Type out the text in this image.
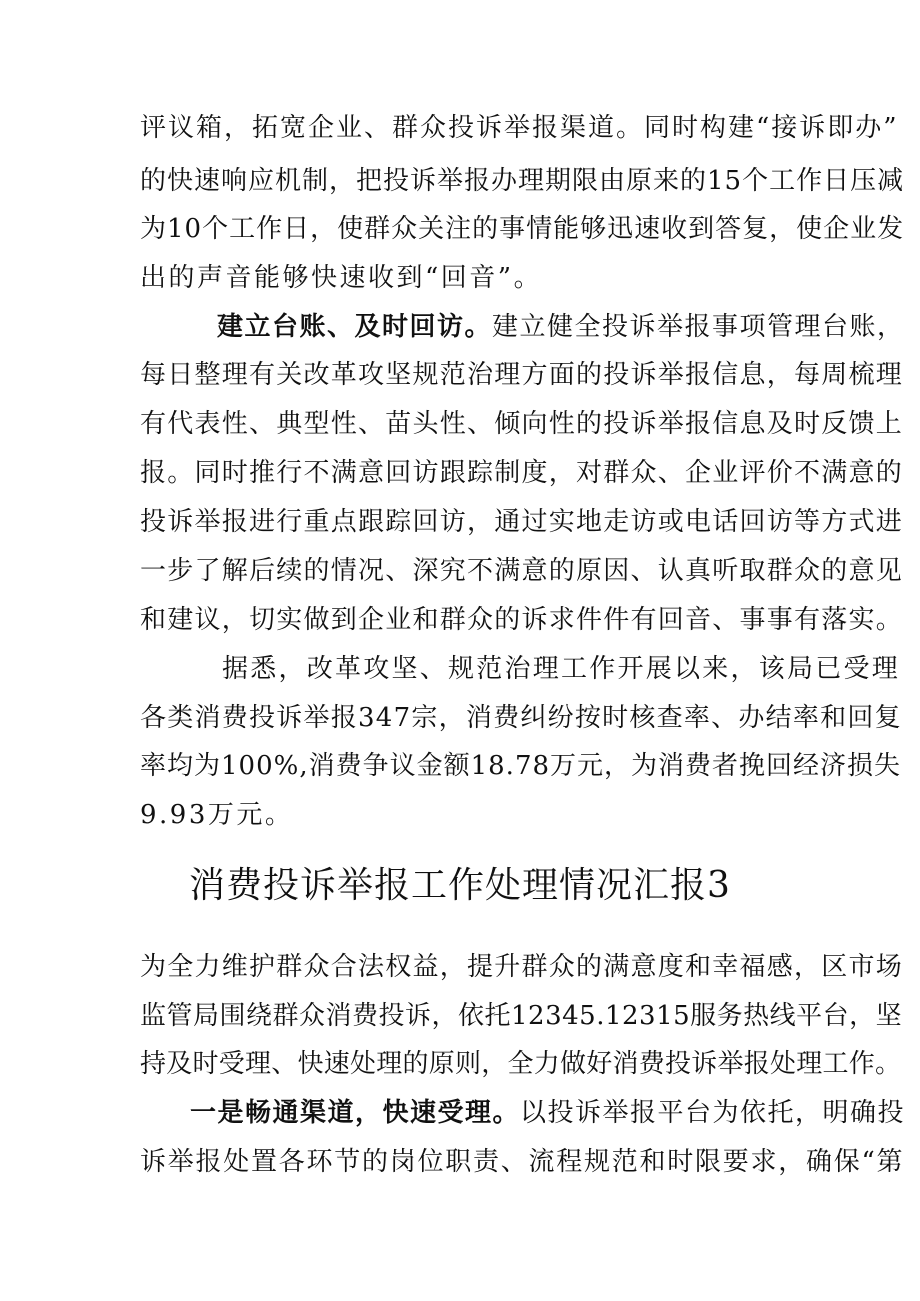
评议箱，拓宽企业、群众投诉举报渠道。同时构建“接诉即办”
的快速响应机制，把投诉举报办理期限由原来的15个工作日压减
为10个工作日，使群众关注的事情能够迅速收到答复，使企业发
出的声音能够快速收到“回音”。
建立台账、及时回访。建立健全投诉举报事项管理台账，
每日整理有关改革攻坚规范治理方面的投诉举报信息，每周梳理
有代表性、典型性、苗头性、倾向性的投诉举报信息及时反馈上
报。同时推行不满意回访跟踪制度，对群众、企业评价不满意的
投诉举报进行重点跟踪回访，通过实地走访或电话回访等方式进
一步了解后续的情况、深究不满意的原因、认真听取群众的意见
和建议，切实做到企业和群众的诉求件件有回音、事事有落实。
据悉，改革攻坚、规范治理工作开展以来，该局已受理
各类消费投诉举报347宗，消费纠纷按时核查率、办结率和回复
率均为100%,消费争议金额18.78万元，为消费者挽回经济损失
9.93万元。
消费投诉举报工作处理情况汇报3
为全力维护群众合法权益，提升群众的满意度和幸福感，区市场
监管局围绕群众消费投诉，依托12345.12315服务热线平台，坚
持及时受理、快速处理的原则，全力做好消费投诉举报处理工作。
一是畅通渠道，快速受理。以投诉举报平台为依托，明确投
诉举报处置各环节的岗位职责、流程规范和时限要求，确保“第
